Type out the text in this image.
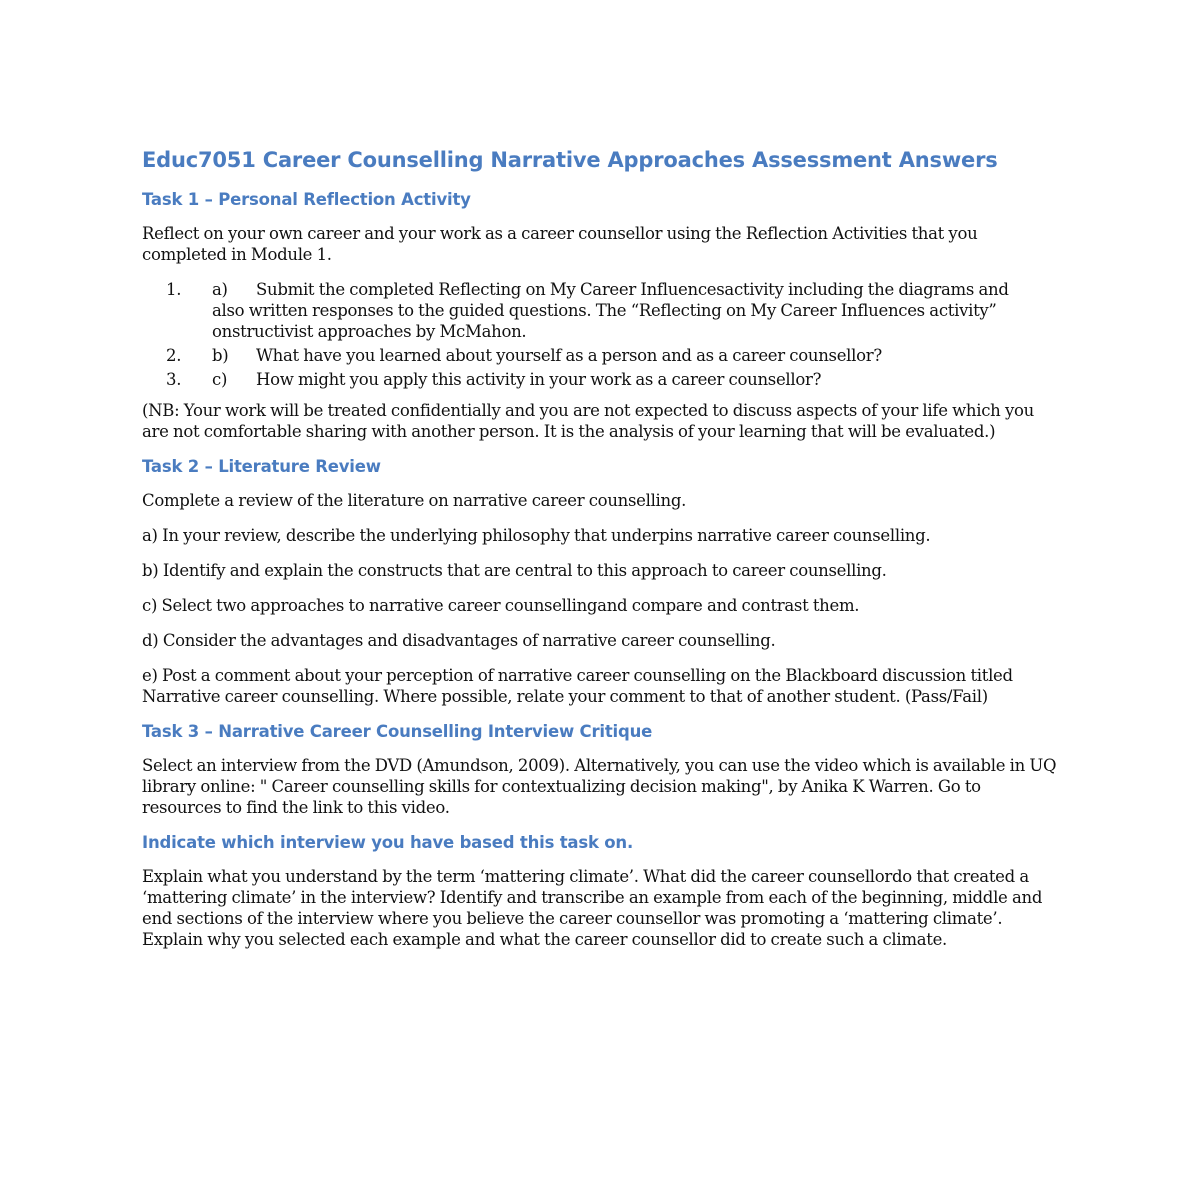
Educ7051 Career Counselling Narrative Approaches Assessment Answers
Task 1 – Personal Reflection Activity

Reflect on your own career and your work as a career counsellor using the Reflection Activities that you completed in Module 1.

1.	a) Submit the completed Reflecting on My Career Influencesactivity including the diagrams and also written responses to the guided questions. The “Reflecting on My Career Influences activity” onstructivist approaches by McMahon.
2.	b) What have you learned about yourself as a person and as a career counsellor?
3.	c) How might you apply this activity in your work as a career counsellor?

(NB: Your work will be treated confidentially and you are not expected to discuss aspects of your life which you are not comfortable sharing with another person. It is the analysis of your learning that will be evaluated.)

Task 2 – Literature Review

Complete a review of the literature on narrative career counselling.

a) In your review, describe the underlying philosophy that underpins narrative career counselling.

b) Identify and explain the constructs that are central to this approach to career counselling.

c) Select two approaches to narrative career counsellingand compare and contrast them.

d) Consider the advantages and disadvantages of narrative career counselling.

e) Post a comment about your perception of narrative career counselling on the Blackboard discussion titled Narrative career counselling. Where possible, relate your comment to that of another student. (Pass/Fail)

Task 3 – Narrative Career Counselling Interview Critique

Select an interview from the DVD (Amundson, 2009). Alternatively, you can use the video which is available in UQ library online: " Career counselling skills for contextualizing decision making", by Anika K Warren. Go to resources to find the link to this video.

Indicate which interview you have based this task on.

Explain what you understand by the term ‘mattering climate’. What did the career counsellordo that created a ‘mattering climate’ in the interview? Identify and transcribe an example from each of the beginning, middle and end sections of the interview where you believe the career counsellor was promoting a ‘mattering climate’. Explain why you selected each example and what the career counsellor did to create such a climate.
